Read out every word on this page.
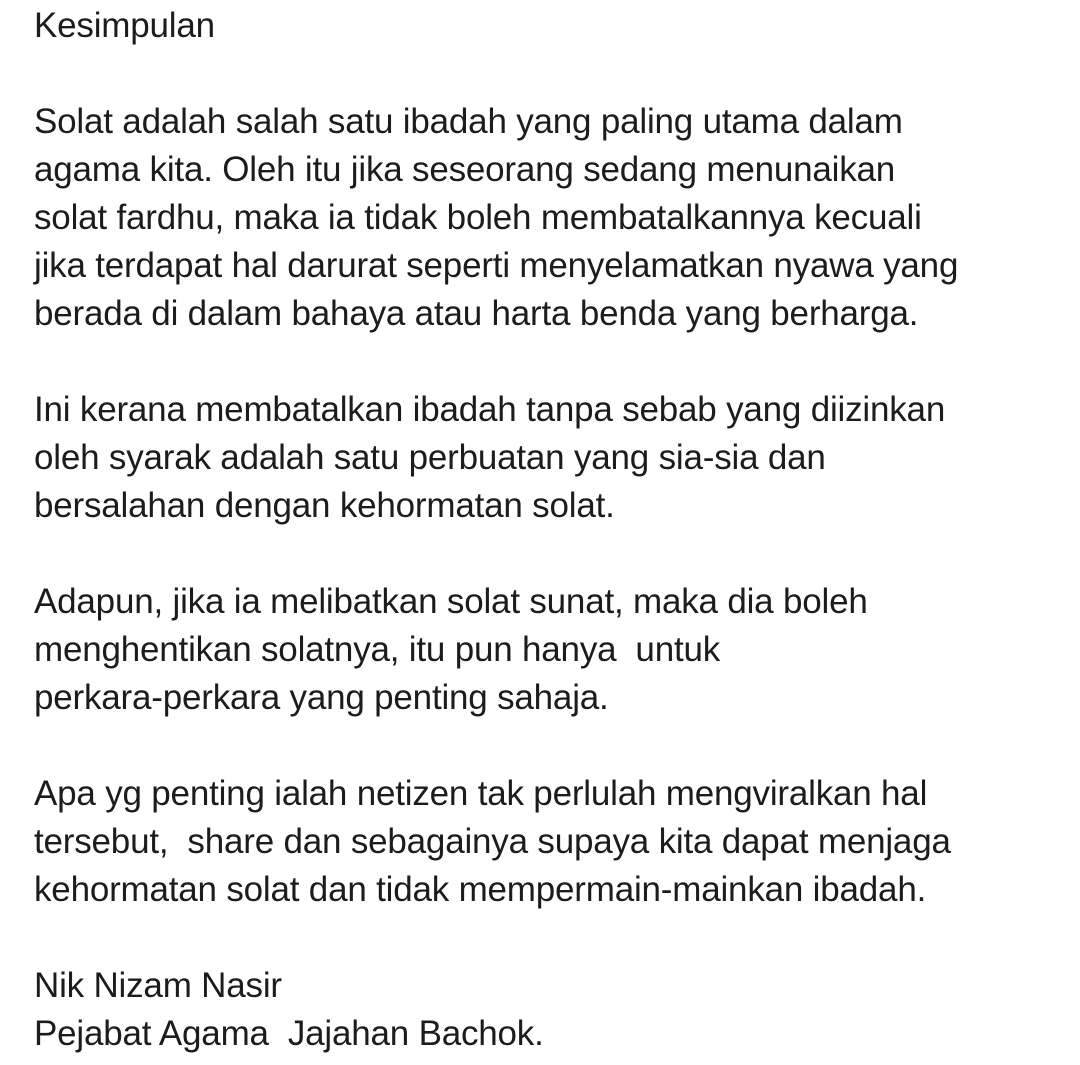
Kesimpulan
Solat adalah salah satu ibadah yang paling utama dalam
agama kita. Oleh itu jika seseorang sedang menunaikan
solat fardhu, maka ia tidak boleh membatalkannya kecuali
jika terdapat hal darurat seperti menyelamatkan nyawa yang
berada di dalam bahaya atau harta benda yang berharga.
Ini kerana membatalkan ibadah tanpa sebab yang diizinkan
oleh syarak adalah satu perbuatan yang sia-sia dan
bersalahan dengan kehormatan solat.
Adapun, jika ia melibatkan solat sunat, maka dia boleh
menghentikan solatnya, itu pun hanya  untuk
perkara-perkara yang penting sahaja.
Apa yg penting ialah netizen tak perlulah mengviralkan hal
tersebut,  share dan sebagainya supaya kita dapat menjaga
kehormatan solat dan tidak mempermain-mainkan ibadah.
Nik Nizam Nasir
Pejabat Agama  Jajahan Bachok.
